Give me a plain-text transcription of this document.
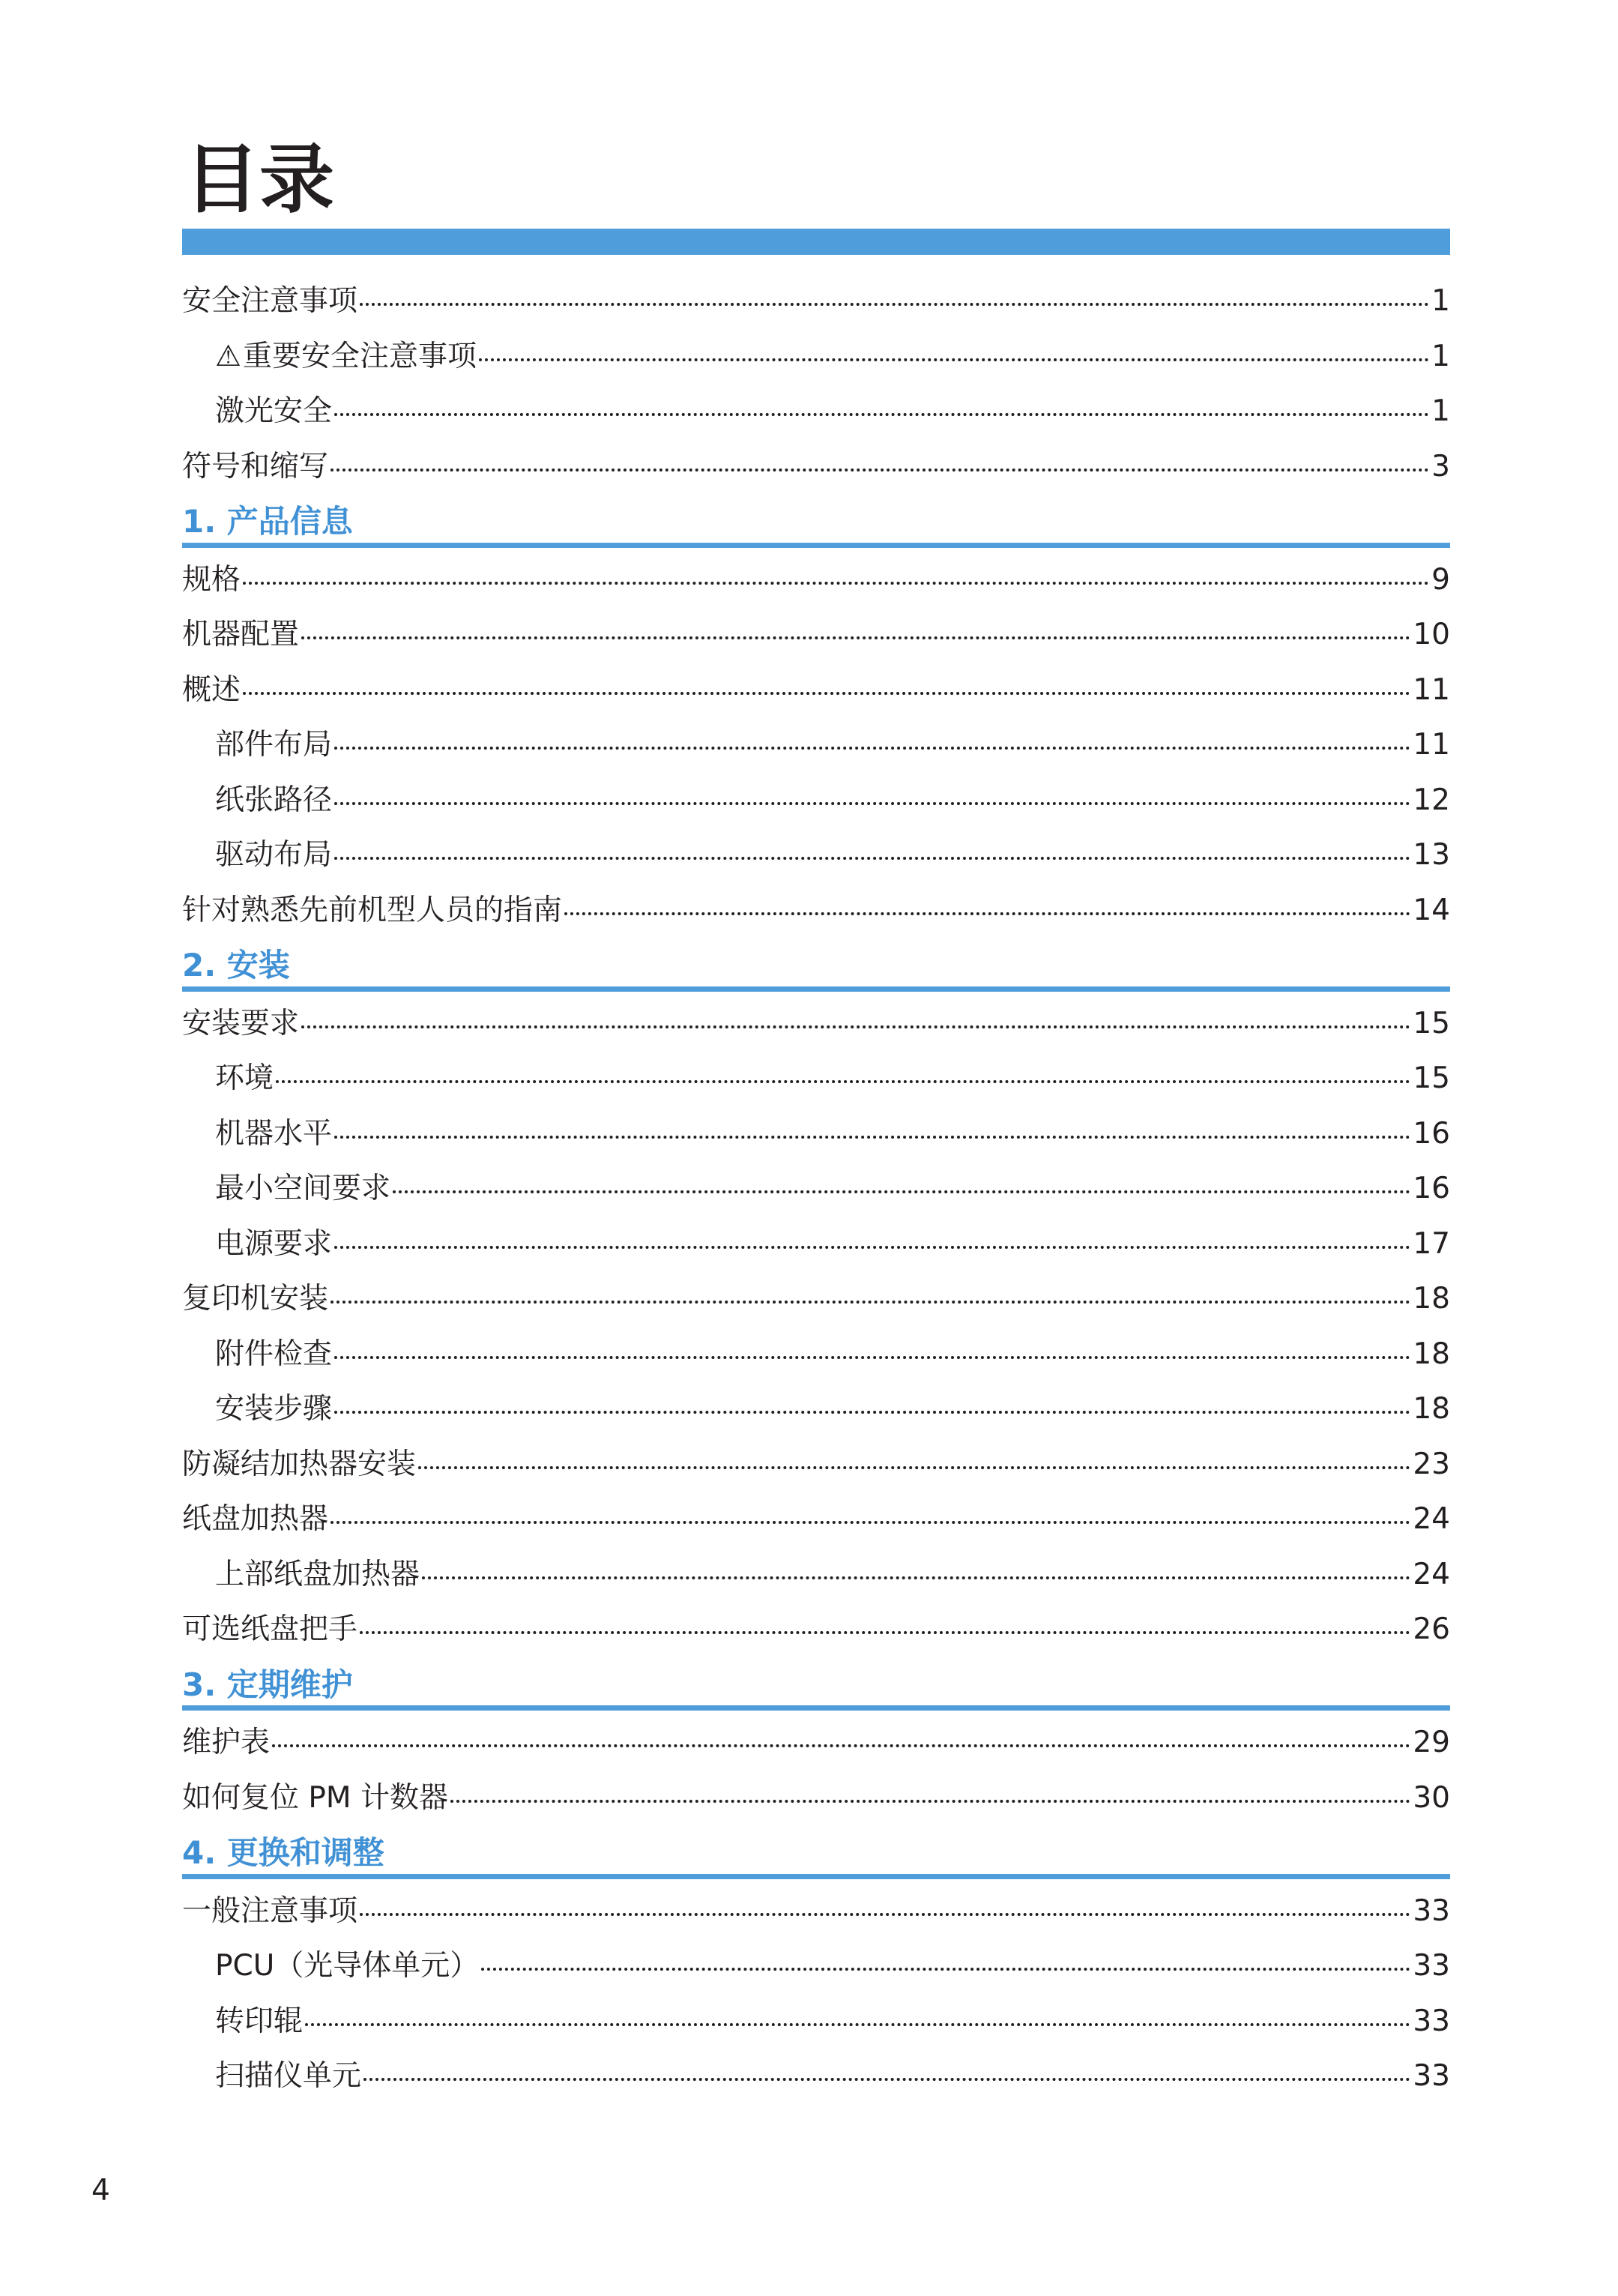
目录
安全注意事项	1
⚠重要安全注意事项	1
激光安全	1
符号和缩写	3
1. 产品信息
规格	9
机器配置	10
概述	11
部件布局	11
纸张路径	12
驱动布局	13
针对熟悉先前机型人员的指南	14
2. 安装
安装要求	15
环境	15
机器水平	16
最小空间要求	16
电源要求	17
复印机安装	18
附件检查	18
安装步骤	18
防凝结加热器安装	23
纸盘加热器	24
上部纸盘加热器	24
可选纸盘把手	26
3. 定期维护
维护表	29
如何复位 PM 计数器	30
4. 更换和调整
一般注意事项	33
PCU（光导体单元）	33
转印辊	33
扫描仪单元	33
4
